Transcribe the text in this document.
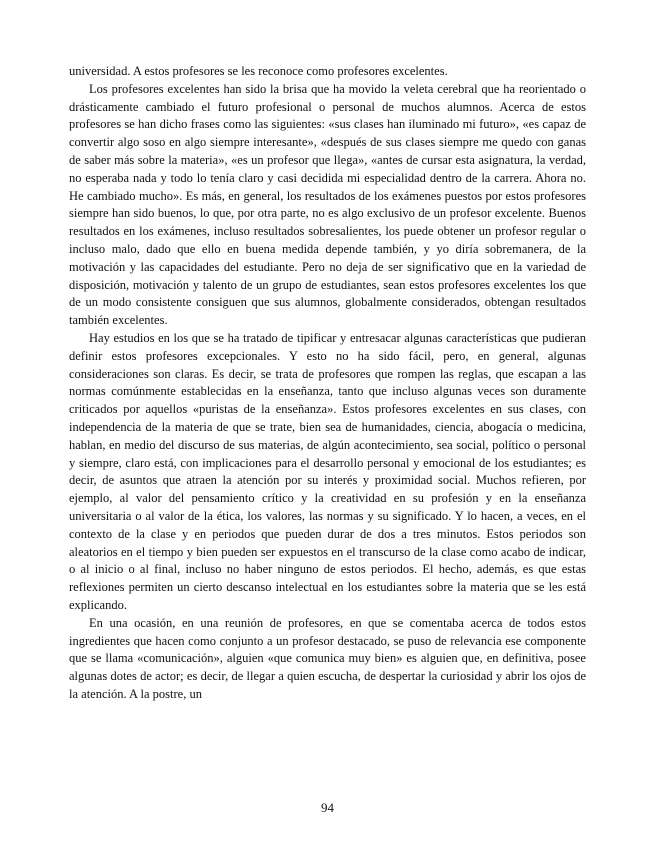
universidad. A estos profesores se les reconoce como profesores excelentes.

Los profesores excelentes han sido la brisa que ha movido la veleta cerebral que ha reorientado o drásticamente cambiado el futuro profesional o personal de muchos alumnos. Acerca de estos profesores se han dicho frases como las siguientes: «sus clases han iluminado mi futuro», «es capaz de convertir algo soso en algo siempre interesante», «después de sus clases siempre me quedo con ganas de saber más sobre la materia», «es un profesor que llega», «antes de cursar esta asignatura, la verdad, no esperaba nada y todo lo tenía claro y casi decidida mi especialidad dentro de la carrera. Ahora no. He cambiado mucho». Es más, en general, los resultados de los exámenes puestos por estos profesores siempre han sido buenos, lo que, por otra parte, no es algo exclusivo de un profesor excelente. Buenos resultados en los exámenes, incluso resultados sobresalientes, los puede obtener un profesor regular o incluso malo, dado que ello en buena medida depende también, y yo diría sobremanera, de la motivación y las capacidades del estudiante. Pero no deja de ser significativo que en la variedad de disposición, motivación y talento de un grupo de estudiantes, sean estos profesores excelentes los que de un modo consistente consiguen que sus alumnos, globalmente considerados, obtengan resultados también excelentes.

Hay estudios en los que se ha tratado de tipificar y entresacar algunas características que pudieran definir estos profesores excepcionales. Y esto no ha sido fácil, pero, en general, algunas consideraciones son claras. Es decir, se trata de profesores que rompen las reglas, que escapan a las normas comúnmente establecidas en la enseñanza, tanto que incluso algunas veces son duramente criticados por aquellos «puristas de la enseñanza». Estos profesores excelentes en sus clases, con independencia de la materia de que se trate, bien sea de humanidades, ciencia, abogacía o medicina, hablan, en medio del discurso de sus materias, de algún acontecimiento, sea social, político o personal y siempre, claro está, con implicaciones para el desarrollo personal y emocional de los estudiantes; es decir, de asuntos que atraen la atención por su interés y proximidad social. Muchos refieren, por ejemplo, al valor del pensamiento crítico y la creatividad en su profesión y en la enseñanza universitaria o al valor de la ética, los valores, las normas y su significado. Y lo hacen, a veces, en el contexto de la clase y en periodos que pueden durar de dos a tres minutos. Estos periodos son aleatorios en el tiempo y bien pueden ser expuestos en el transcurso de la clase como acabo de indicar, o al inicio o al final, incluso no haber ninguno de estos periodos. El hecho, además, es que estas reflexiones permiten un cierto descanso intelectual en los estudiantes sobre la materia que se les está explicando.

En una ocasión, en una reunión de profesores, en que se comentaba acerca de todos estos ingredientes que hacen como conjunto a un profesor destacado, se puso de relevancia ese componente que se llama «comunicación», alguien «que comunica muy bien» es alguien que, en definitiva, posee algunas dotes de actor; es decir, de llegar a quien escucha, de despertar la curiosidad y abrir los ojos de la atención. A la postre, un

94
